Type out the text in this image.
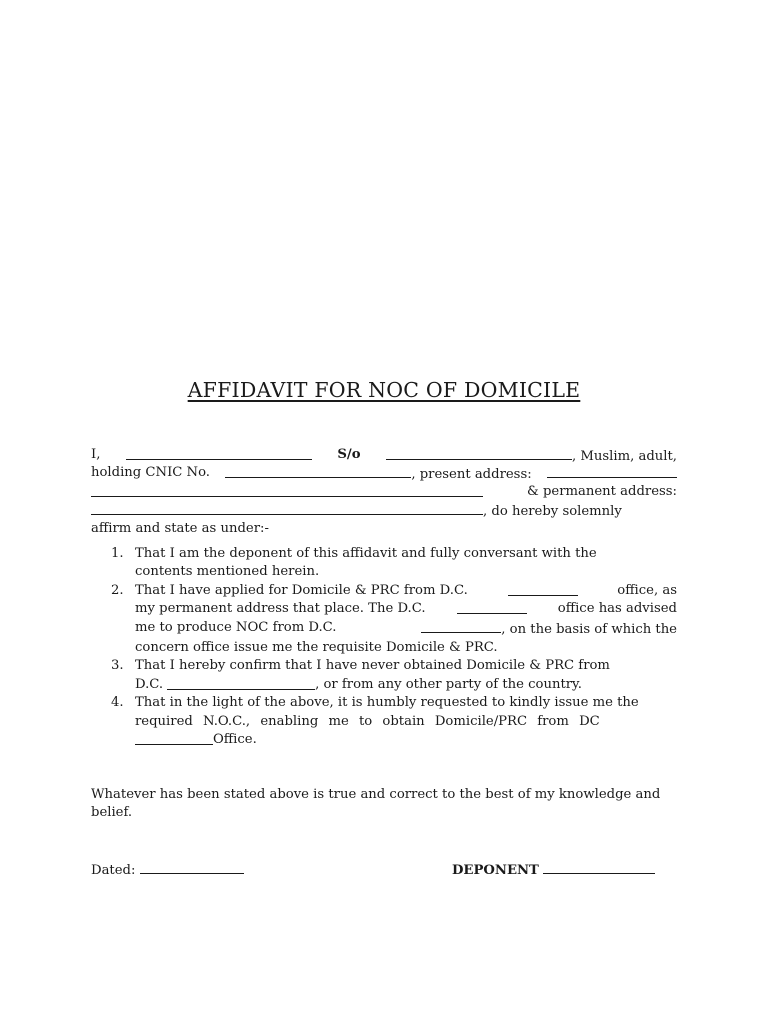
AFFIDAVIT FOR NOC OF DOMICILE
I,	S/o	, Muslim, adult,
holding CNIC No.	, present address:
& permanent address:
, do hereby solemnly
affirm and state as under:-
1. That I am the deponent of this affidavit and fully conversant with the
contents mentioned herein.
2. That I have applied for Domicile & PRC from D.C.	office, as
my permanent address that place. The D.C.	office has advised
me to produce NOC from D.C.	, on the basis of which the
concern office issue me the requisite Domicile & PRC.
3. That I hereby confirm that I have never obtained Domicile & PRC from
D.C.	, or from any other party of the country.
4. That in the light of the above, it is humbly requested to kindly issue me the
required N.O.C., enabling me to obtain Domicile/PRC from DC
Office.
Whatever has been stated above is true and correct to the best of my knowledge and belief.
Dated:	DEPONENT
